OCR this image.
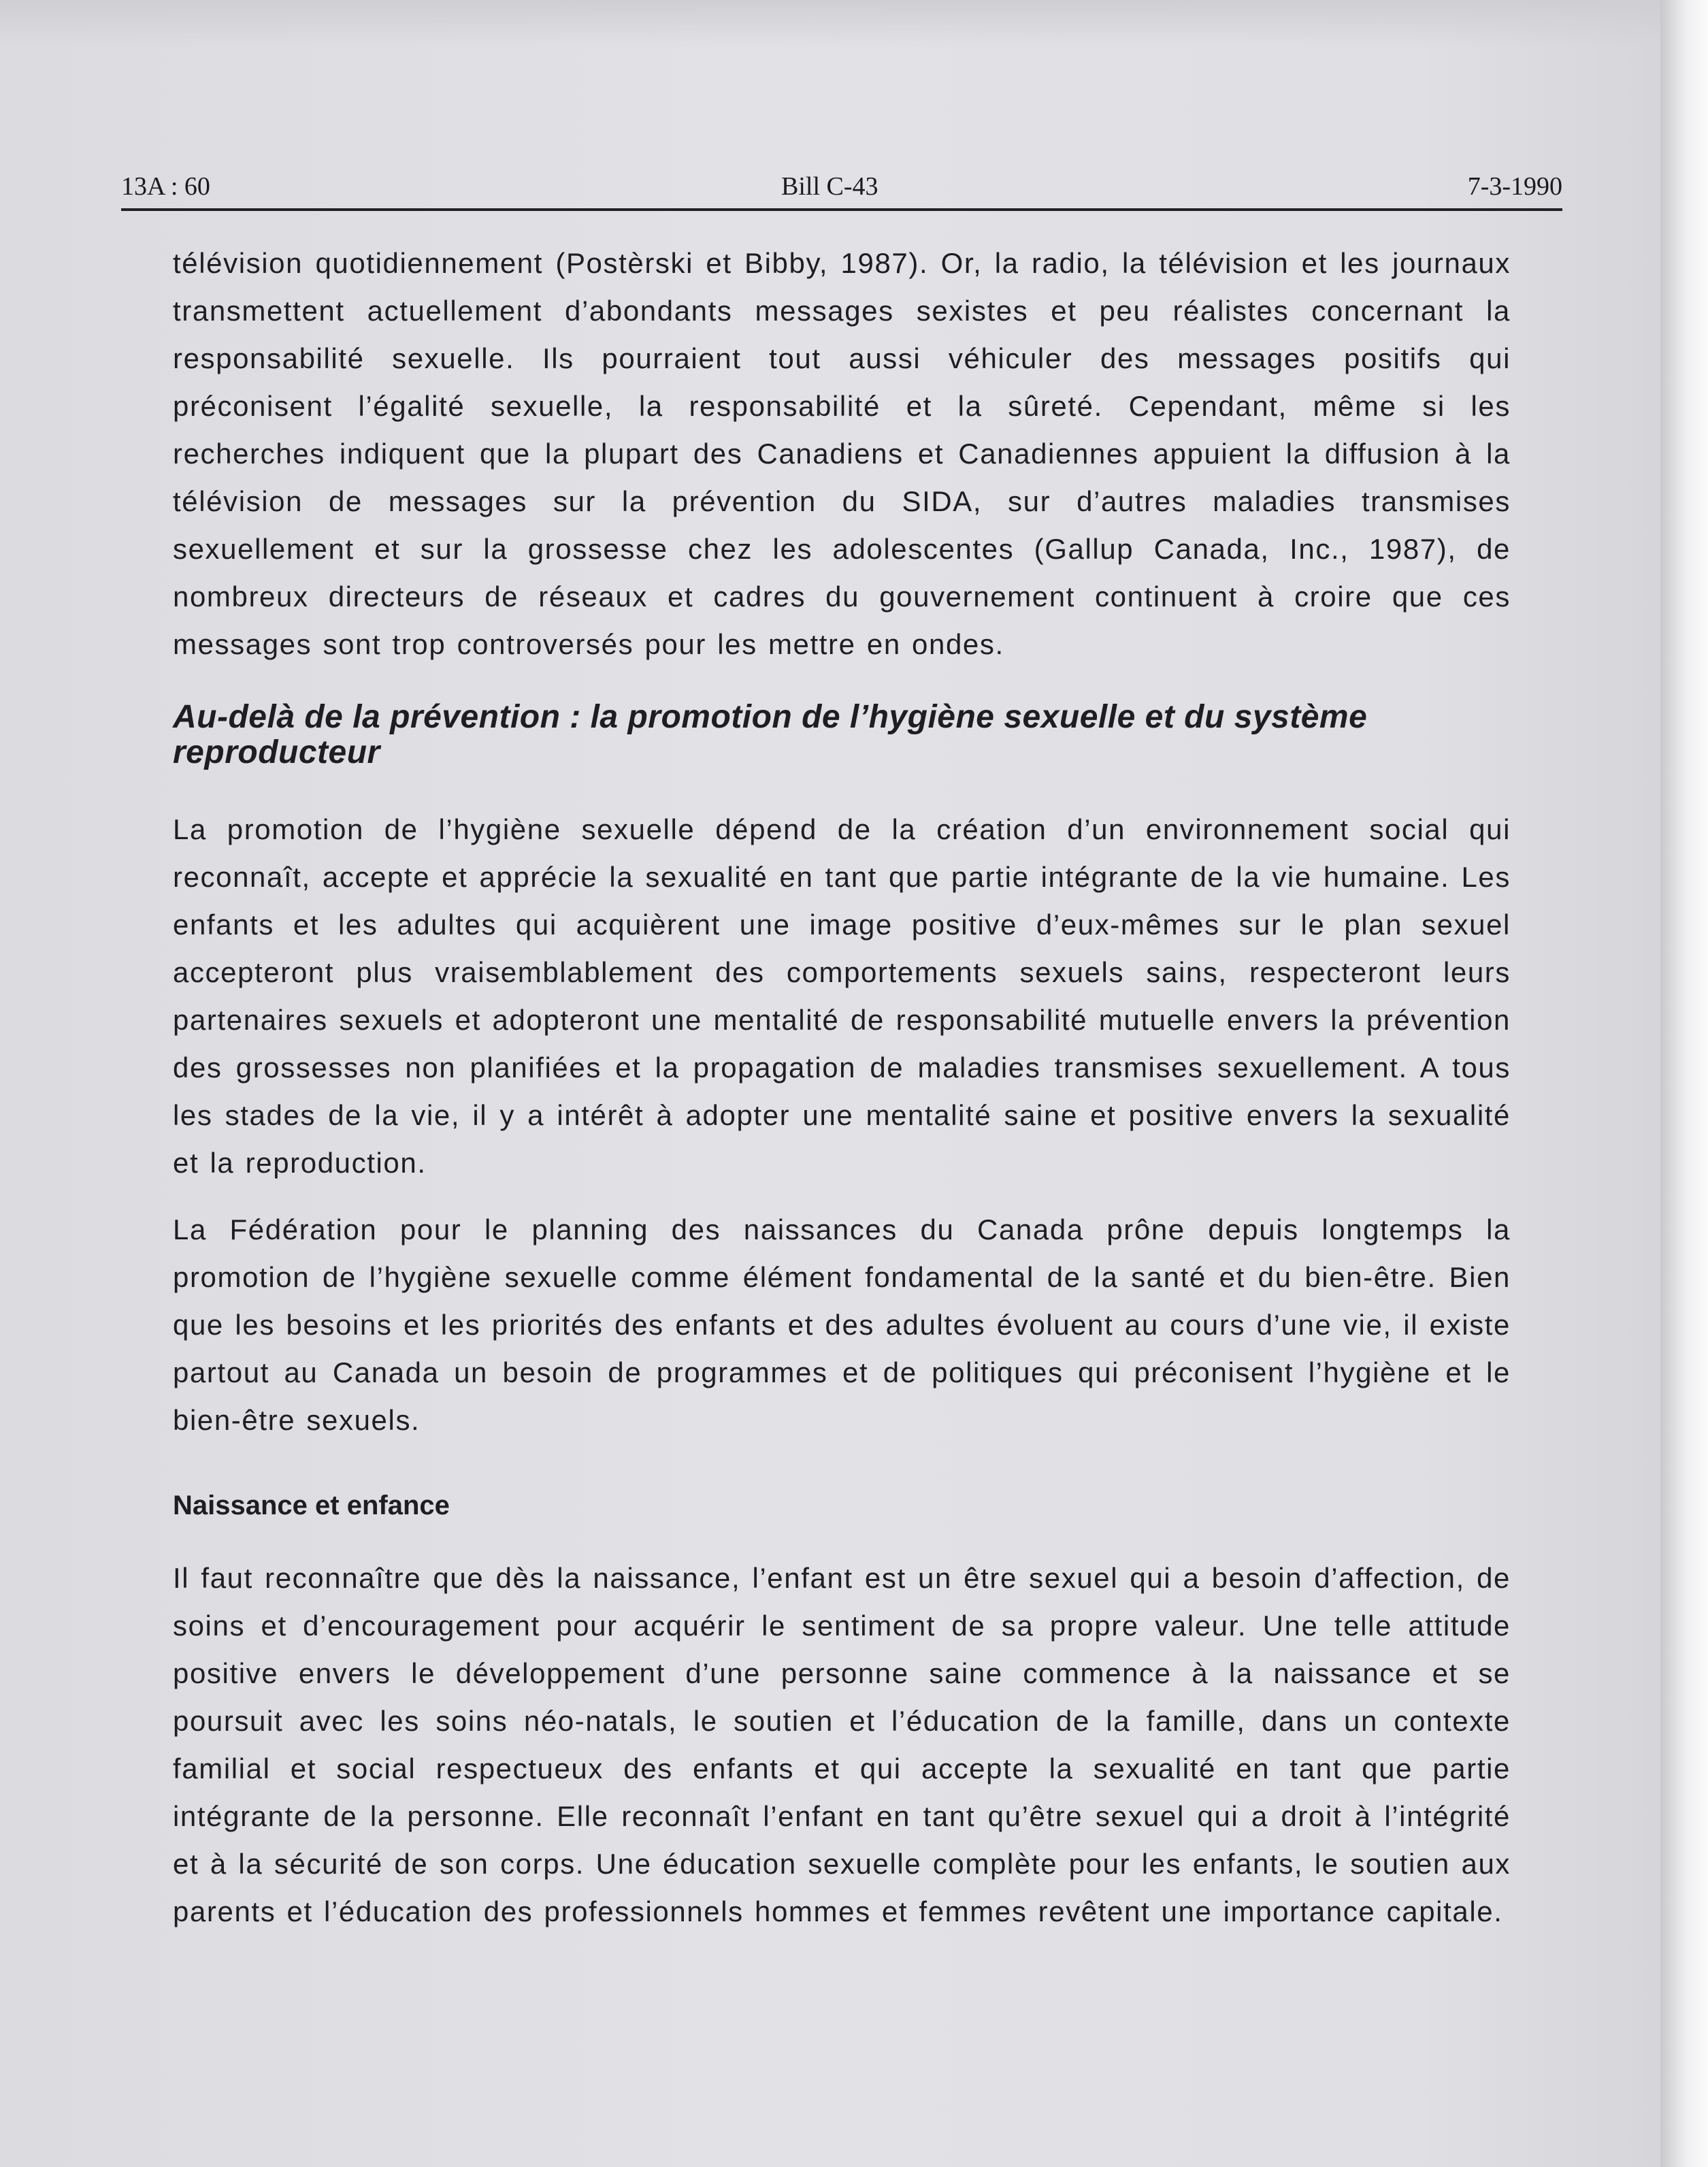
13A : 60	Bill C-43	7-3-1990

télévision quotidiennement (Postèrski et Bibby, 1987). Or, la radio, la télévision et les journaux transmettent actuellement d’abondants messages sexistes et peu réalistes concernant la responsabilité sexuelle. Ils pourraient tout aussi véhiculer des messages positifs qui préconisent l’égalité sexuelle, la responsabilité et la sûreté. Cependant, même si les recherches indiquent que la plupart des Canadiens et Canadiennes appuient la diffusion à la télévision de messages sur la prévention du SIDA, sur d’autres maladies transmises sexuellement et sur la grossesse chez les adolescentes (Gallup Canada, Inc., 1987), de nombreux directeurs de réseaux et cadres du gouvernement continuent à croire que ces messages sont trop controversés pour les mettre en ondes.

Au-delà de la prévention : la promotion de l’hygiène sexuelle et du système reproducteur

La promotion de l’hygiène sexuelle dépend de la création d’un environnement social qui reconnaît, accepte et apprécie la sexualité en tant que partie intégrante de la vie humaine. Les enfants et les adultes qui acquièrent une image positive d’eux-mêmes sur le plan sexuel accepteront plus vraisemblablement des comportements sexuels sains, respecteront leurs partenaires sexuels et adopteront une mentalité de responsabilité mutuelle envers la prévention des grossesses non planifiées et la propagation de maladies transmises sexuellement. A tous les stades de la vie, il y a intérêt à adopter une mentalité saine et positive envers la sexualité et la reproduction.

La Fédération pour le planning des naissances du Canada prône depuis longtemps la promotion de l’hygiène sexuelle comme élément fondamental de la santé et du bien-être. Bien que les besoins et les priorités des enfants et des adultes évoluent au cours d’une vie, il existe partout au Canada un besoin de programmes et de politiques qui préconisent l’hygiène et le bien-être sexuels.

Naissance et enfance

Il faut reconnaître que dès la naissance, l’enfant est un être sexuel qui a besoin d’affection, de soins et d’encouragement pour acquérir le sentiment de sa propre valeur. Une telle attitude positive envers le développement d’une personne saine commence à la naissance et se poursuit avec les soins néo-natals, le soutien et l’éducation de la famille, dans un contexte familial et social respectueux des enfants et qui accepte la sexualité en tant que partie intégrante de la personne. Elle reconnaît l’enfant en tant qu’être sexuel qui a droit à l’intégrité et à la sécurité de son corps. Une éducation sexuelle complète pour les enfants, le soutien aux parents et l’éducation des professionnels hommes et femmes revêtent une importance capitale.
